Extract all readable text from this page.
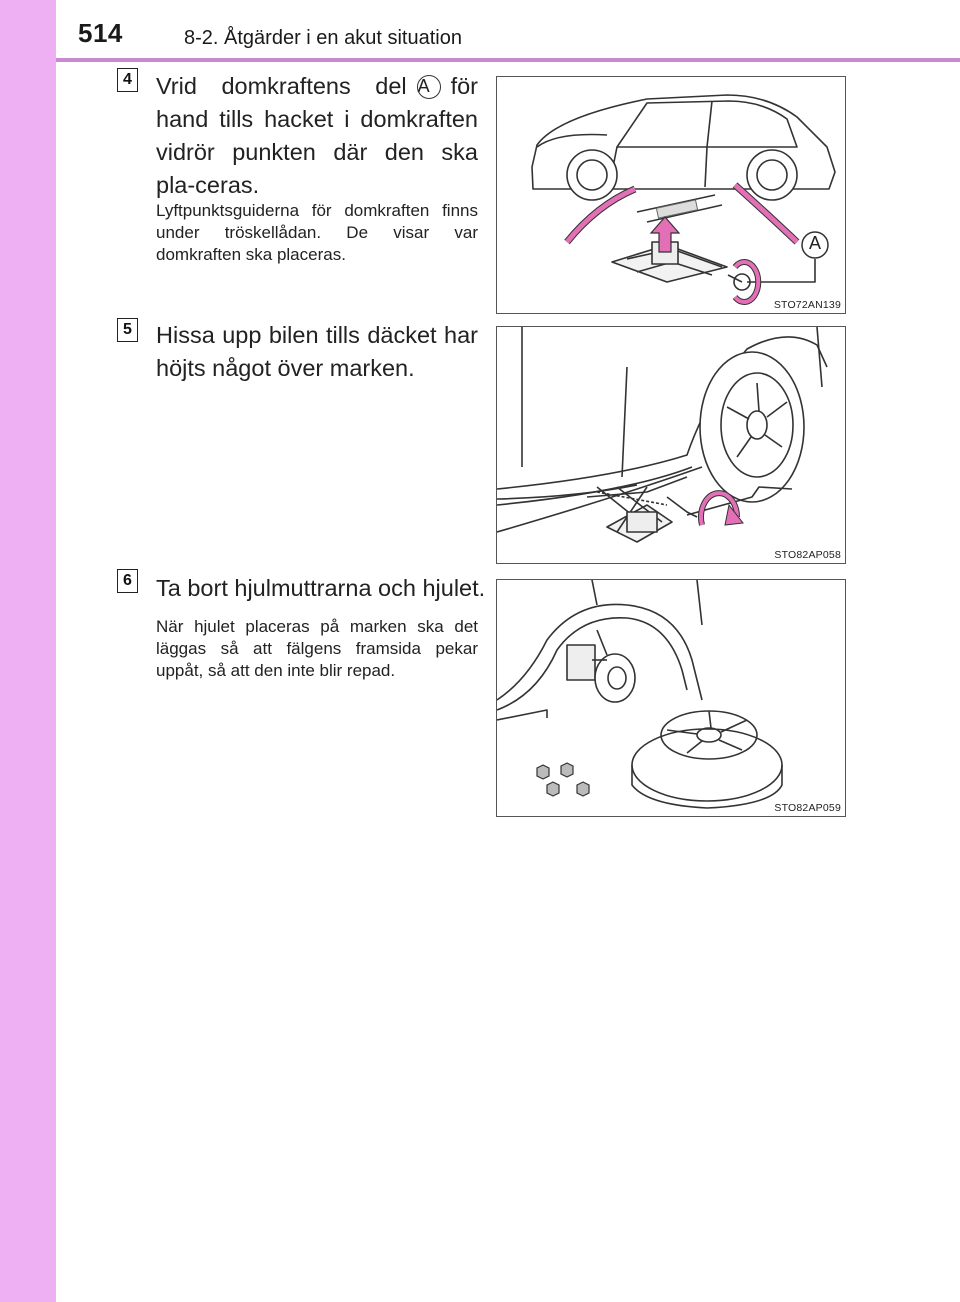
514	8-2. Åtgärder i en akut situation
4 Vrid domkraftens del A för
hand tills hacket i domkraften vidrör punkten där den ska pla-ceras.
Lyftpunktsguiderna för domkraften finns under tröskellådan. De visar var domkraften ska placeras.
A
STO72AN139
5 Hissa upp bilen tills däcket har höjts något över marken.
STO82AP058
6 Ta bort hjulmuttrarna och hjulet.
När hjulet placeras på marken ska det läggas så att fälgens framsida pekar uppåt, så att den inte blir repad.
STO82AP059
